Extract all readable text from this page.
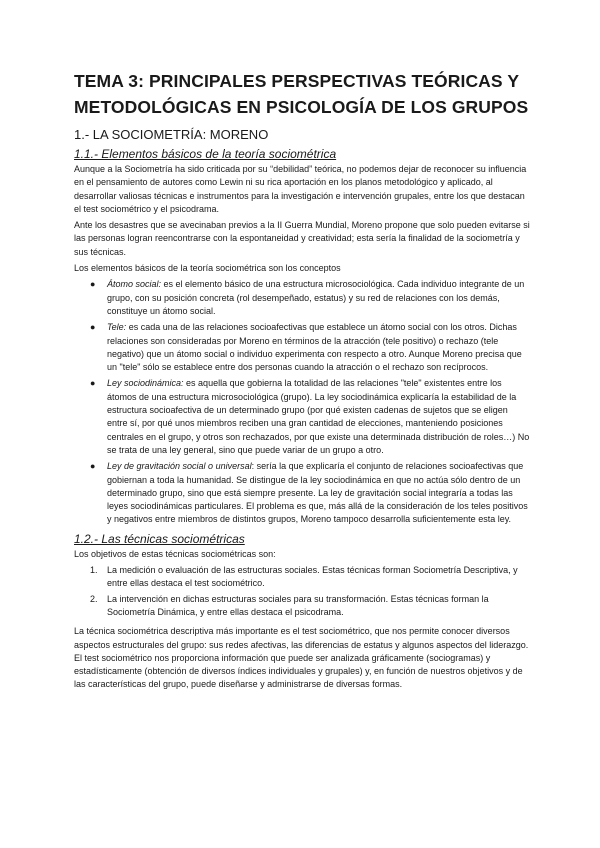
TEMA 3: PRINCIPALES PERSPECTIVAS TEÓRICAS Y METODOLÓGICAS EN PSICOLOGÍA DE LOS GRUPOS
1.- LA SOCIOMETRÍA: MORENO
1.1.- Elementos básicos de la teoría sociométrica

Aunque a la Sociometría ha sido criticada por su “debilidad” teórica, no podemos dejar de reconocer su influencia en el pensamiento de autores como Lewin ni su rica aportación en los planos metodológico y aplicado, al desarrollar valiosas técnicas e instrumentos para la investigación e intervención grupales, entre los que destacan el test sociométrico y el psicodrama.

Ante los desastres que se avecinaban previos a la II Guerra Mundial, Moreno propone que solo pueden evitarse si las personas logran reencontrarse con la espontaneidad y creatividad; esta sería la finalidad de la sociometría y sus técnicas.

Los elementos básicos de la teoría sociométrica son los conceptos

● Átomo social: es el elemento básico de una estructura microsociológica. Cada individuo integrante de un grupo, con su posición concreta (rol desempeñado, estatus) y su red de relaciones con los demás, constituye un átomo social.
● Tele: es cada una de las relaciones socioafectivas que establece un átomo social con los otros. Dichas relaciones son consideradas por Moreno en términos de la atracción (tele positivo) o rechazo (tele negativo) que un átomo social o individuo experimenta con respecto a otro. Aunque Moreno precisa que un "tele" sólo se establece entre dos personas cuando la atracción o el rechazo son recíprocos.
● Ley sociodinámica: es aquella que gobierna la totalidad de las relaciones "tele" existentes entre los átomos de una estructura microsociológica (grupo). La ley sociodinámica explicaría la estabilidad de la estructura socioafectiva de un determinado grupo (por qué existen cadenas de sujetos que se eligen entre sí, por qué unos miembros reciben una gran cantidad de elecciones, manteniendo posiciones centrales en el grupo, y otros son rechazados, por que existe una determinada distribución de roles…) No se trata de una ley general, sino que puede variar de un grupo a otro.
● Ley de gravitación social o universal: sería la que explicaría el conjunto de relaciones socioafectivas que gobiernan a toda la humanidad. Se distingue de la ley sociodinámica en que no actúa sólo dentro de un determinado grupo, sino que está siempre presente. La ley de gravitación social integraría a todas las leyes sociodinámicas particulares. El problema es que, más allá de la consideración de los teles positivos y negativos entre miembros de distintos grupos, Moreno tampoco desarrolla suficientemente esta ley.
1.2.- Las técnicas sociométricas

Los objetivos de estas técnicas sociométricas son:

1. La medición o evaluación de las estructuras sociales. Estas técnicas forman Sociometría Descriptiva, y entre ellas destaca el test sociométrico.
2. La intervención en dichas estructuras sociales para su transformación. Estas técnicas forman la Sociometría Dinámica, y entre ellas destaca el psicodrama.

La técnica sociométrica descriptiva más importante es el test sociométrico, que nos permite conocer diversos aspectos estructurales del grupo: sus redes afectivas, las diferencias de estatus y algunos aspectos del liderazgo. El test sociométrico nos proporciona información que puede ser analizada gráficamente (sociogramas) y estadísticamente (obtención de diversos índices individuales y grupales) y, en función de nuestros objetivos y de las características del grupo, puede diseñarse y administrarse de diversas formas.
